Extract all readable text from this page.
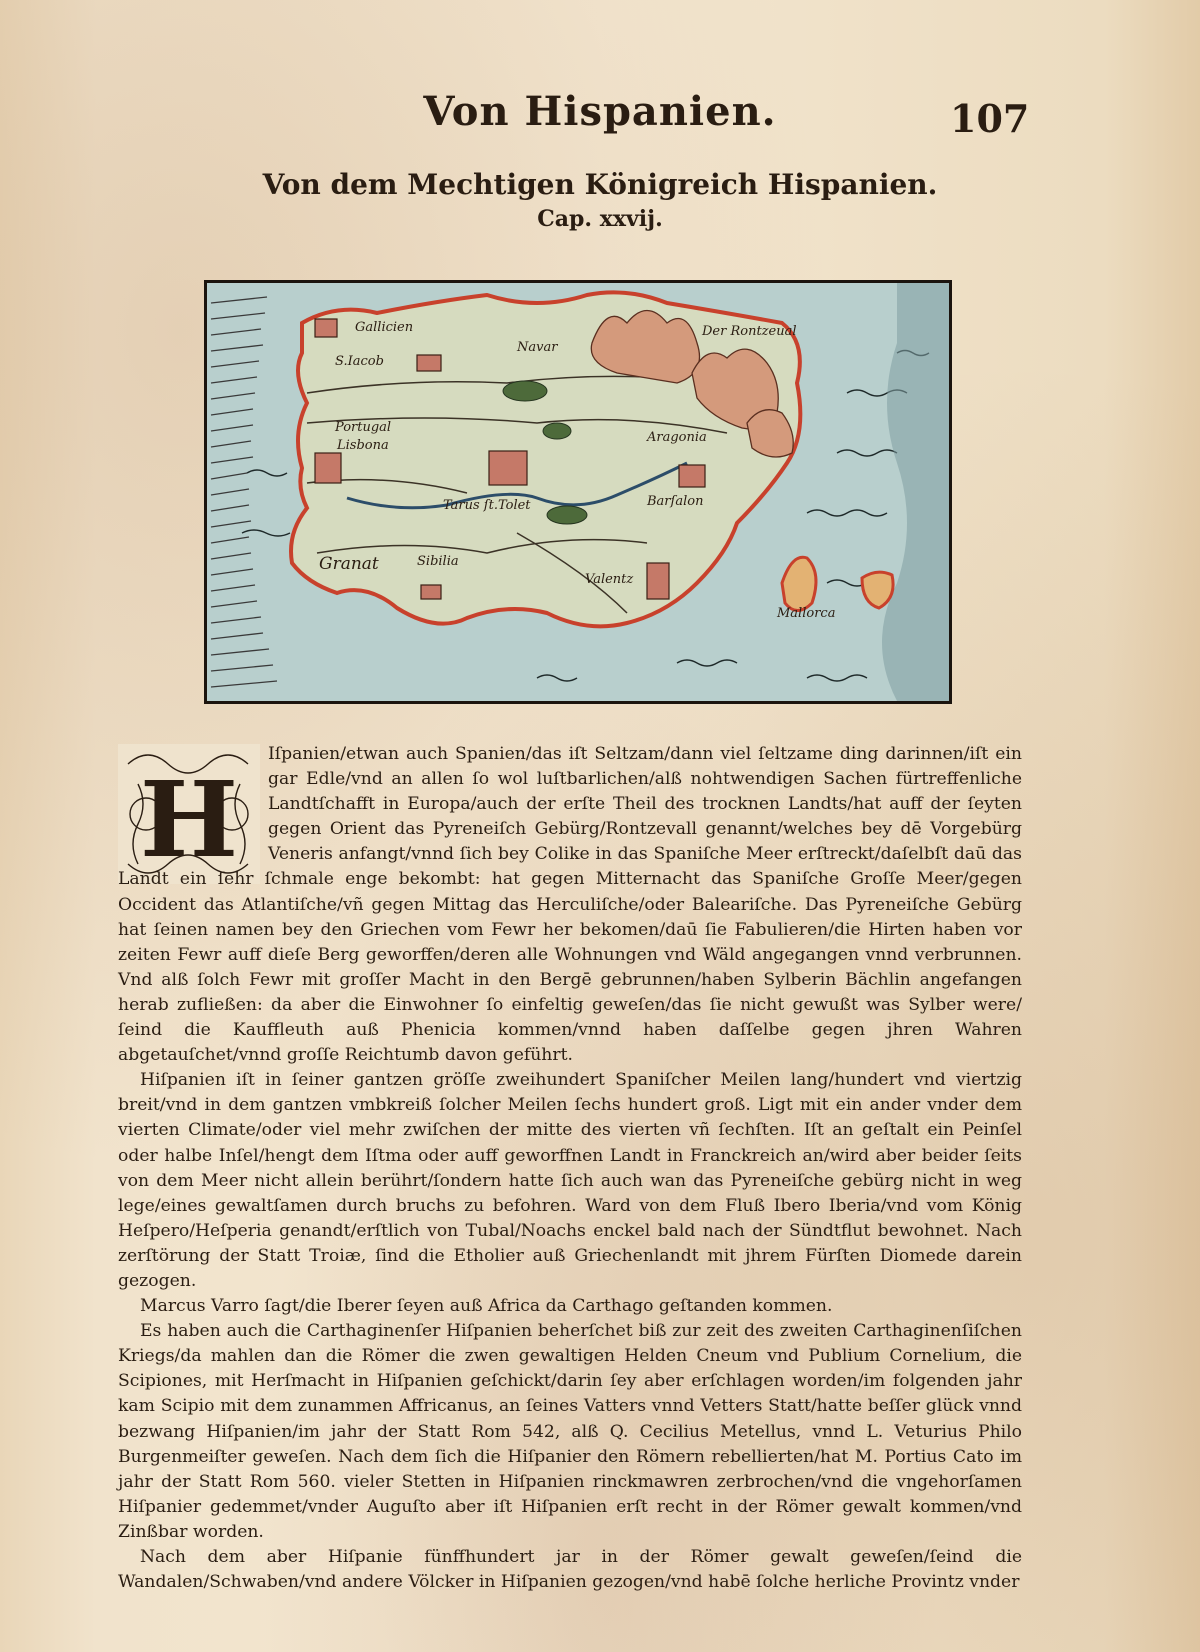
Von Hispanien.	107
Von dem Mechtigen Königreich Hispanien.
Cap. xxvij.
Gallicien
S.Iacob
Navar
Der Rontzeual
Portugal
Lisbona
Aragonia
Tarus ſt.Tolet	Barſalon
Granat	Sibilia
Valentz
Mallorca
H

Iſpanien/etwan auch Spanien/das iſt Seltzam/dann viel ſeltzame ding darinnen/iſt ein gar Edle/vnd an allen ſo wol luſtbarlichen/alß nohtwendigen Sachen fürtreffenliche Landtſchafft in Europa/auch der erſte Theil des trocknen Landts/hat auff der ſeyten gegen Orient das Pyreneiſch Gebürg/Rontzevall genannt/welches bey dē Vorgebürg Veneris anfangt/vnnd ſich bey Colike in das Spaniſche Meer erſtreckt/daſelbſt daū das Landt ein ſehr ſchmale enge bekombt: hat gegen Mitternacht das Spaniſche Groſſe Meer/gegen Occident das Atlantiſche/vñ gegen Mittag das Herculiſche/oder Baleariſche. Das Pyreneiſche Gebürg hat ſeinen namen bey den Griechen vom Fewr her bekomen/daū ſie Fabulieren/die Hirten haben vor zeiten Fewr auff dieſe Berg geworffen/deren alle Wohnungen vnd Wäld angegangen vnnd verbrunnen. Vnd alß ſolch Fewr mit groſſer Macht in den Bergē gebrunnen/haben Sylberin Bächlin angefangen herab zufließen: da aber die Einwohner ſo einfeltig geweſen/das ſie nicht gewußt was Sylber were/ſeind die Kauffleuth auß Phenicia kommen/vnnd haben daſſelbe gegen jhren Wahren abgetauſchet/vnnd groſſe Reichtumb davon geführt.

Hiſpanien iſt in ſeiner gantzen gröſſe zweihundert Spaniſcher Meilen lang/hundert vnd viertzig breit/vnd in dem gantzen vmbkreiß ſolcher Meilen ſechs hundert groß. Ligt mit ein ander vnder dem vierten Climate/oder viel mehr zwiſchen der mitte des vierten vñ ſechſten. Iſt an geſtalt ein Peinſel oder halbe Inſel/hengt dem Iſtma oder auff geworffnen Landt in Franckreich an/wird aber beider ſeits von dem Meer nicht allein berührt/ſondern hatte ſich auch wan das Pyreneiſche gebürg nicht in weg lege/eines gewaltſamen durch bruchs zu befohren. Ward von dem Fluß Ibero Iberia/vnd vom König Heſpero/Heſperia genandt/erſtlich von Tubal/Noachs enckel bald nach der Sündtflut bewohnet. Nach zerſtörung der Statt Troiæ, ſind die Etholier auß Griechenlandt mit jhrem Fürſten Diomede darein gezogen.

Marcus Varro ſagt/die Iberer ſeyen auß Africa da Carthago geſtanden kommen.

Es haben auch die Carthaginenſer Hiſpanien beherſchet biß zur zeit des zweiten Carthaginenſiſchen Kriegs/da mahlen dan die Römer die zwen gewaltigen Helden Cneum vnd Publium Cornelium, die Scipiones, mit Herſmacht in Hiſpanien geſchickt/darin ſey aber erſchlagen worden/im folgenden jahr kam Scipio mit dem zunammen Affricanus, an ſeines Vatters vnnd Vetters Statt/hatte beſſer glück vnnd bezwang Hiſpanien/im jahr der Statt Rom 542, alß Q. Cecilius Metellus, vnnd L. Veturius Philo Burgenmeiſter geweſen. Nach dem ſich die Hiſpanier den Römern rebellierten/hat M. Portius Cato im jahr der Statt Rom 560. vieler Stetten in Hiſpanien rinckmawren zerbrochen/vnd die vngehorſamen Hiſpanier gedemmet/vnder Auguſto aber iſt Hiſpanien erſt recht in der Römer gewalt kommen/vnd Zinßbar worden.

Nach dem aber Hiſpanie fünffhundert jar in der Römer gewalt geweſen/ſeind die Wandalen/Schwaben/vnd andere Völcker in Hiſpanien gezogen/vnd habē ſolche herliche Provintz vnder
